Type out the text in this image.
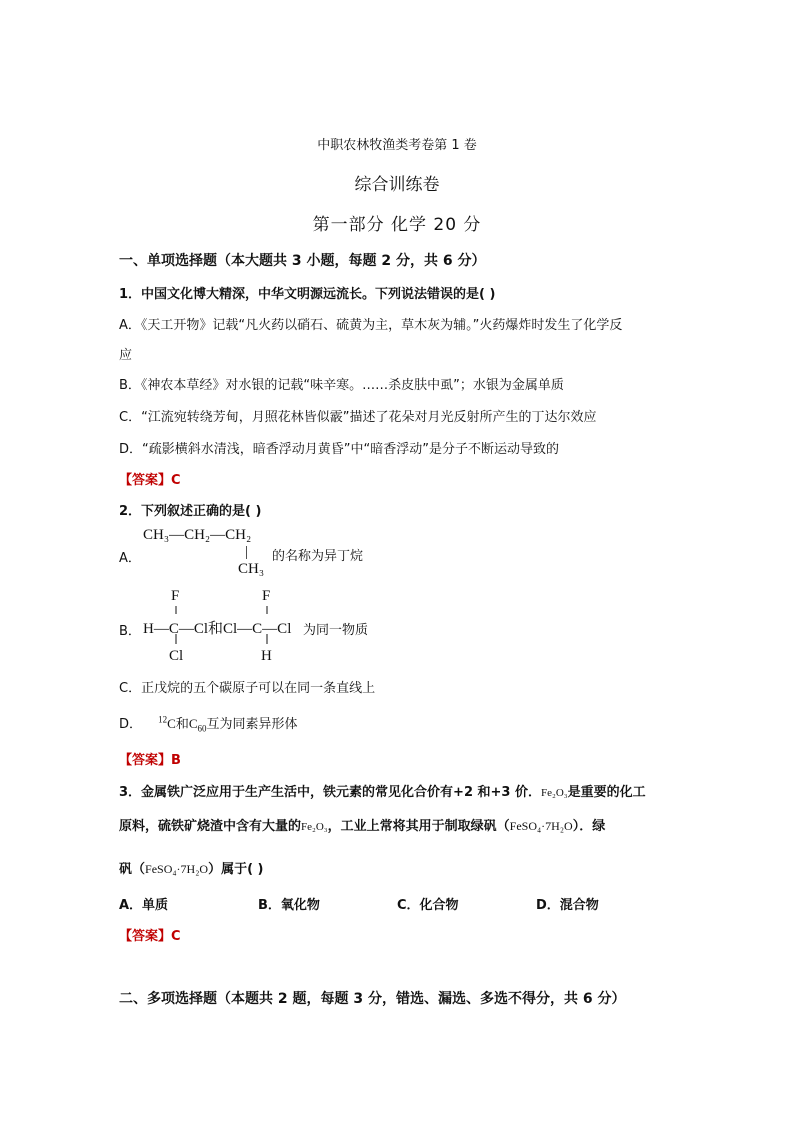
中职农林牧渔类考卷第 1 卷
综合训练卷
第一部分 化学 20 分
一、单项选择题（本大题共 3 小题，每题 2 分，共 6 分）
1．中国文化博大精深，中华文明源远流长。下列说法错误的是( )
A．《天工开物》记载“凡火药以硝石、硫黄为主，草木灰为辅。”火药爆炸时发生了化学反
应
B．《神农本草经》对水银的记载“味辛寒。……杀皮肤中虱”；水银为金属单质
C．“江流宛转绕芳甸，月照花林皆似霰”描述了花朵对月光反射所产生的丁达尔效应
D．“疏影横斜水清浅，暗香浮动月黄昏”中“暗香浮动”是分子不断运动导致的
【答案】C
2．下列叙述正确的是( )
A．
CH₃—CH₂—CH₂
|
CH₃
的名称为异丁烷
B．
F	F
H—C—Cl和Cl—C—Cl
Cl	H
为同一物质
C．正戊烷的五个碳原子可以在同一条直线上
D． $^{12}$C和$C_{60}$互为同素异形体
【答案】B
3．金属铁广泛应用于生产生活中，铁元素的常见化合价有+2 和+3 价．Fe₂O₃是重要的化工
原料，硫铁矿烧渣中含有大量的Fe₂O₃，工业上常将其用于制取绿矾（FeSO₄·7H₂O）．绿
矾（FeSO₄·7H₂O）属于( )
A．单质	B．氧化物	C．化合物	D．混合物
【答案】C
二、多项选择题（本题共 2 题，每题 3 分，错选、漏选、多选不得分，共 6 分）
